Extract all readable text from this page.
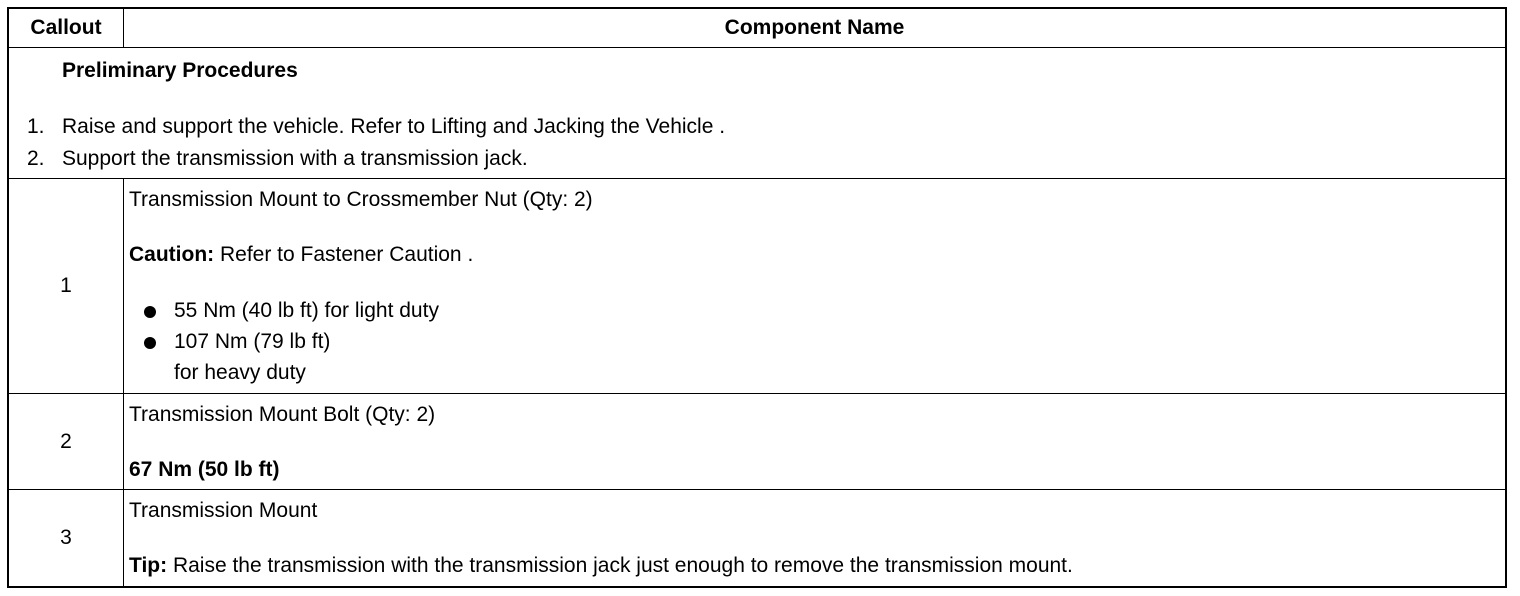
Callout	Component Name

Preliminary Procedures
1. Raise and support the vehicle. Refer to Lifting and Jacking the Vehicle .
2. Support the transmission with a transmission jack.	

1	Transmission Mount to Crossmember Nut (Qty: 2)
Caution: Refer to Fastener Caution .
55 Nm (40 lb ft) for light duty
107 Nm (79 lb ft)
for heavy duty

2	Transmission Mount Bolt (Qty: 2)
67 Nm (50 lb ft)

3	Transmission Mount
Tip: Raise the transmission with the transmission jack just enough to remove the transmission mount.
